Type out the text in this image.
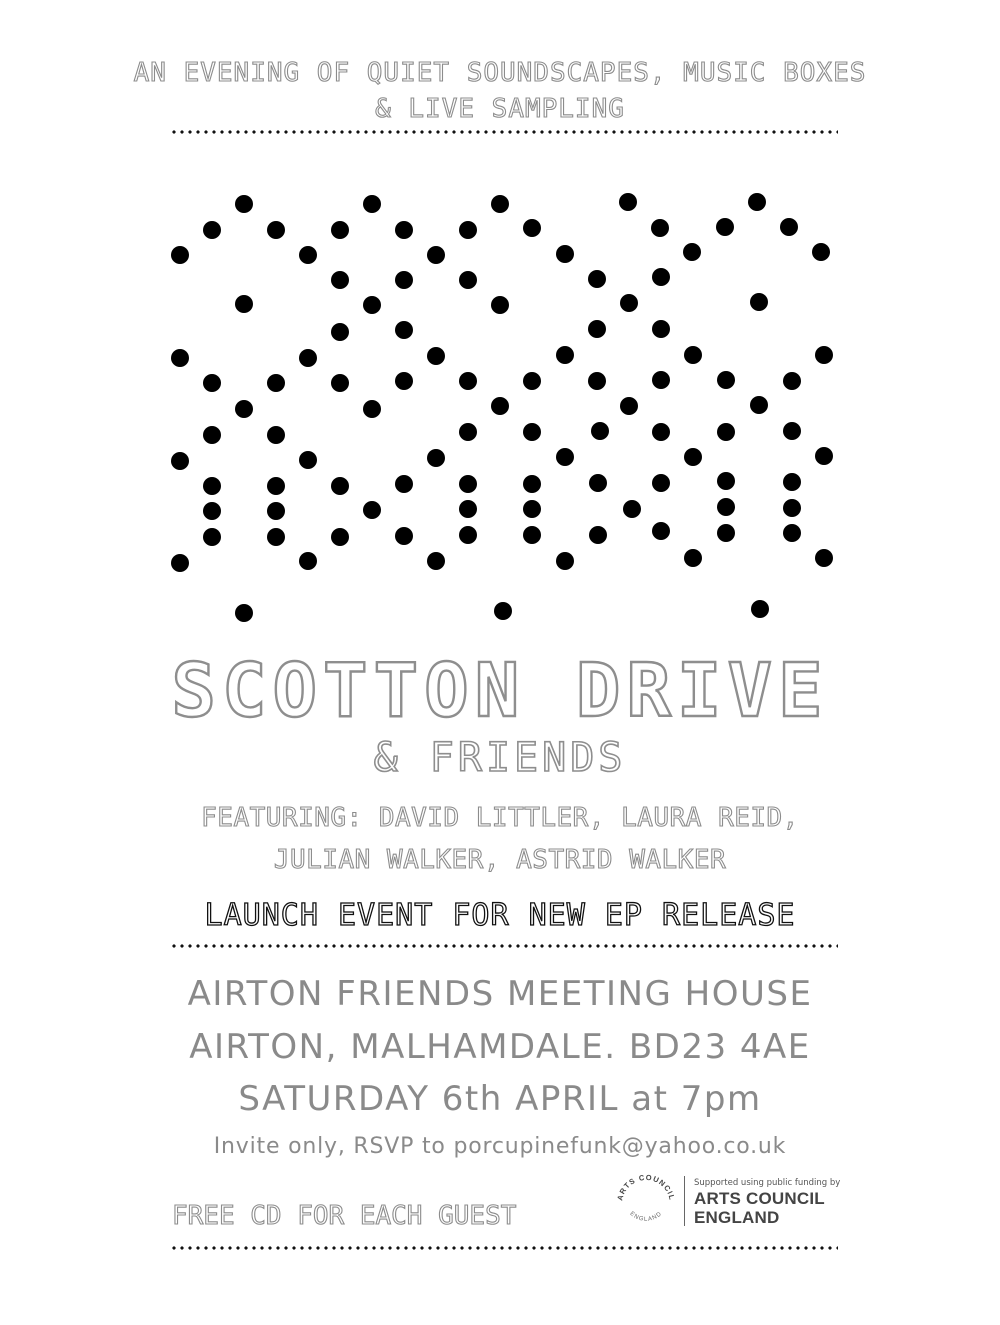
AN EVENING OF QUIET SOUNDSCAPES, MUSIC BOXES
& LIVE SAMPLING
SCOTTON DRIVE
& FRIENDS
FEATURING: DAVID LITTLER, LAURA REID,
JULIAN WALKER, ASTRID WALKER
LAUNCH EVENT FOR NEW EP RELEASE
AIRTON FRIENDS MEETING HOUSE
AIRTON, MALHAMDALE. BD23 4AE
SATURDAY 6th APRIL at 7pm
Invite only, RSVP to porcupinefunk@yahoo.co.uk
FREE CD FOR EACH GUEST
ARTS COUNCIL
ENGLAND
Supported using public funding by
ARTS COUNCIL
ENGLAND
